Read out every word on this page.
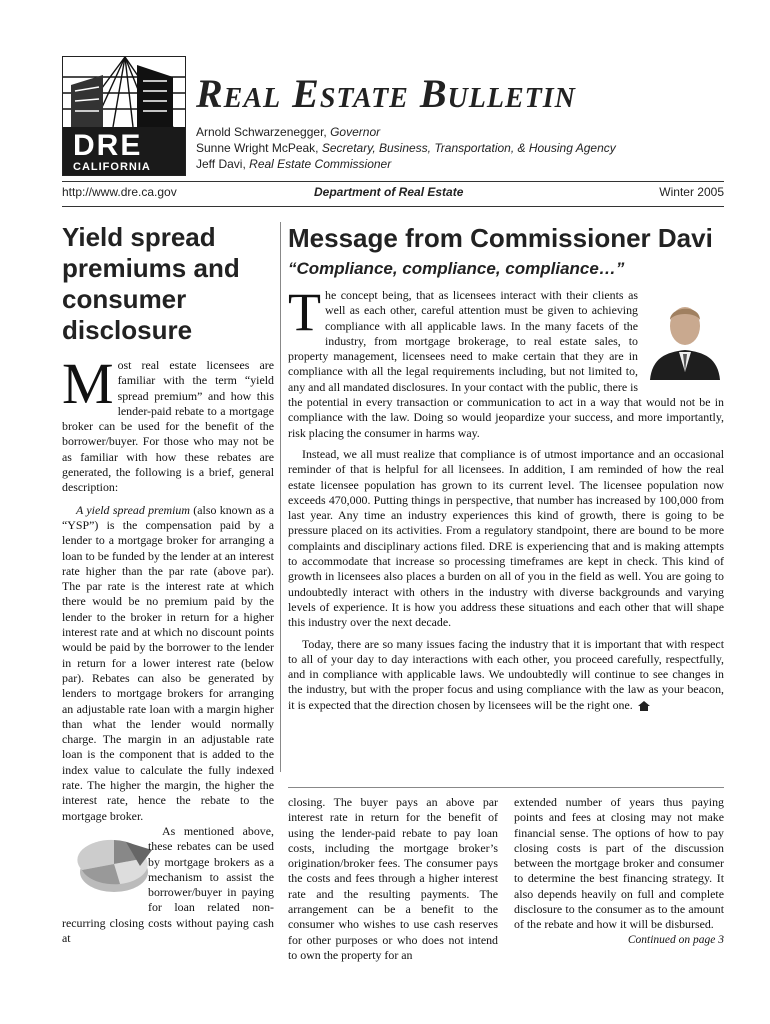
DRE
CALIFORNIA
Real Estate Bulletin
Arnold Schwarzenegger, Governor
Sunne Wright McPeak, Secretary, Business, Transportation, & Housing Agency
Jeff Davi, Real Estate Commissioner
http://www.dre.ca.gov	Department of Real Estate	Winter 2005
Yield spread premiums and consumer disclosure

Most real estate licensees are familiar with the term “yield spread premium” and how this lender-paid rebate to a mortgage broker can be used for the benefit of the borrower/buyer. For those who may not be as familiar with how these rebates are generated, the following is a brief, general description:

A yield spread premium (also known as a “YSP”) is the compensation paid by a lender to a mortgage broker for arranging a loan to be funded by the lender at an interest rate higher than the par rate (above par). The par rate is the interest rate at which there would be no premium paid by the lender to the broker in return for a higher interest rate and at which no discount points would be paid by the borrower to the lender in return for a lower interest rate (below par). Rebates can also be generated by lenders to mortgage brokers for arranging an adjustable rate loan with a margin higher than what the lender would normally charge. The margin in an adjustable rate loan is the component that is added to the index value to calculate the fully indexed rate. The higher the margin, the higher the interest rate, hence the rebate to the mortgage broker.

As mentioned above, these rebates can be used by mortgage brokers as a mechanism to assist the borrower/buyer in paying for loan related non-recurring closing costs without paying cash at

Message from Commissioner Davi
“Compliance, compliance, compliance…”

The concept being, that as licensees interact with their clients as well as each other, careful attention must be given to achieving compliance with all applicable laws. In the many facets of the industry, from mortgage brokerage, to real estate sales, to property management, licensees need to make certain that they are in compliance with all the legal requirements including, but not limited to, any and all mandated disclosures. In your contact with the public, there is the potential in every transaction or communication to act in a way that would not be in compliance with the law. Doing so would jeopardize your success, and more importantly, risk placing the consumer in harms way.

Instead, we all must realize that compliance is of utmost importance and an occasional reminder of that is helpful for all licensees. In addition, I am reminded of how the real estate licensee population has grown to its current level. The licensee population now exceeds 470,000. Putting things in perspective, that number has increased by 100,000 from last year. Any time an industry experiences this kind of growth, there is going to be pressure placed on its activities. From a regulatory standpoint, there are bound to be more complaints and disciplinary actions filed. DRE is experiencing that and is making attempts to accommodate that increase so processing timeframes are kept in check. This kind of growth in licensees also places a burden on all of you in the field as well. You are going to undoubtedly interact with others in the industry with diverse backgrounds and varying levels of experience. It is how you address these situations and each other that will shape this industry over the next decade.

Today, there are so many issues facing the industry that it is important that with respect to all of your day to day interactions with each other, you proceed carefully, respectfully, and in compliance with applicable laws. We undoubtedly will continue to see changes in the industry, but with the proper focus and using compliance with the law as your beacon, it is expected that the direction chosen by licensees will be the right one.

closing. The buyer pays an above par interest rate in return for the benefit of using the lender-paid rebate to pay loan costs, including the mortgage broker’s origination/broker fees. The consumer pays the costs and fees through a higher interest rate and the resulting payments. The arrangement can be a benefit to the consumer who wishes to use cash reserves for other purposes or who does not intend to own the property for an

extended number of years thus paying points and fees at closing may not make financial sense. The options of how to pay closing costs is part of the discussion between the mortgage broker and consumer to determine the best financing strategy. It also depends heavily on full and complete disclosure to the consumer as to the amount of the rebate and how it will be disbursed.

Continued on page 3
